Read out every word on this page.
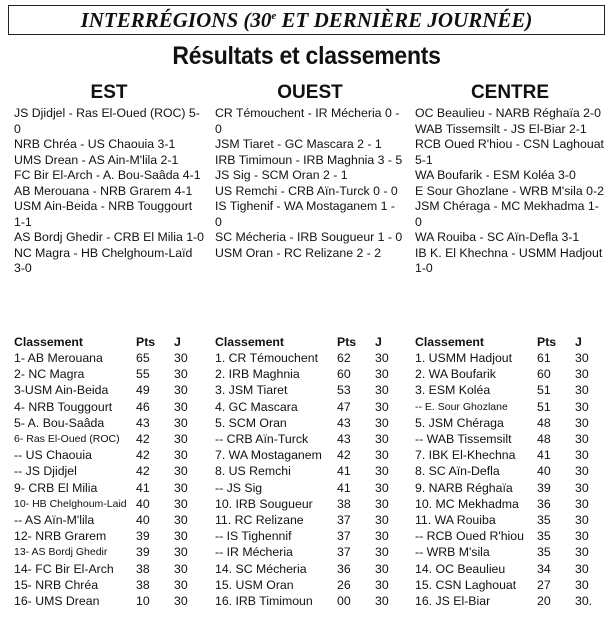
INTERRÉGIONS (30e ET DERNIÈRE JOURNÉE)
Résultats et classements
EST
JS Djidjel - Ras El-Oued (ROC) 5-0
NRB Chréa - US Chaouia 3-1
UMS Drean - AS Ain-M'lila 2-1
FC Bir El-Arch - A. Bou-Saâda 4-1
AB Merouana - NRB Grarem 4-1
USM Ain-Beida - NRB Touggourt 1-1
AS Bordj Ghedir - CRB El Milia 1-0
NC Magra - HB Chelghoum-Laïd 3-0
OUEST
CR Témouchent - IR Mécheria 0 - 0
JSM Tiaret - GC Mascara 2 - 1
IRB Timimoun - IRB Maghnia 3 - 5
JS Sig - SCM Oran 2 - 1
US Remchi - CRB Aïn-Turck 0 - 0
IS Tighenif - WA Mostaganem 1 - 0
SC Mécheria - IRB Sougueur 1 - 0
USM Oran - RC Relizane 2 - 2
CENTRE
OC Beaulieu - NARB Réghaïa 2-0
WAB Tissemsilt - JS El-Biar 2-1
RCB Oued R'hiou - CSN Laghouat 5-1
WA Boufarik - ESM Koléa 3-0
E Sour Ghozlane - WRB M'sila 0-2
JSM Chéraga - MC Mekhadma 1-0
WA Rouiba - SC Aïn-Defla 3-1
IB K. El Khechna - USMM Hadjout 1-0
Classement	Pts	J
1- AB Merouana	65	30
2- NC Magra	55	30
3-USM Ain-Beida	49	30
4- NRB Touggourt	46	30
5- A. Bou-Saâda	43	30
6- Ras El-Oued (ROC)	42	30
-- US Chaouia	42	30
-- JS Djidjel	42	30
9- CRB El Milia	41	30
10- HB Chelghoum-Laid	40	30
-- AS Aïn-M'lila	40	30
12- NRB Grarem	39	30
13- AS Bordj Ghedir	39	30
14- FC Bir El-Arch	38	30
15- NRB Chréa	38	30
16- UMS Drean	10	30
Classement	Pts	J
1. CR Témouchent	62	30
2. IRB Maghnia	60	30
3. JSM Tiaret	53	30
4. GC Mascara	47	30
5. SCM Oran	43	30
-- CRB Aïn-Turck	43	30
7. WA Mostaganem	42	30
8. US Remchi	41	30
-- JS Sig	41	30
10. IRB Sougueur	38	30
11. RC Relizane	37	30
-- IS Tighennif	37	30
-- IR Mécheria	37	30
14. SC Mécheria	36	30
15. USM Oran	26	30
16. IRB Timimoun	00	30
Classement	Pts	J
1. USMM Hadjout	61	30
2. WA Boufarik	60	30
3. ESM Koléa	51	30
-- E. Sour Ghozlane	51	30
5. JSM Chéraga	48	30
-- WAB Tissemsilt	48	30
7. IBK El-Khechna	41	30
8. SC Aïn-Defla	40	30
9. NARB Réghaïa	39	30
10. MC Mekhadma	36	30
11. WA Rouiba	35	30
-- RCB Oued R'hiou	35	30
-- WRB M'sila	35	30
14. OC Beaulieu	34	30
15. CSN Laghouat	27	30
16. JS El-Biar	20	30.
